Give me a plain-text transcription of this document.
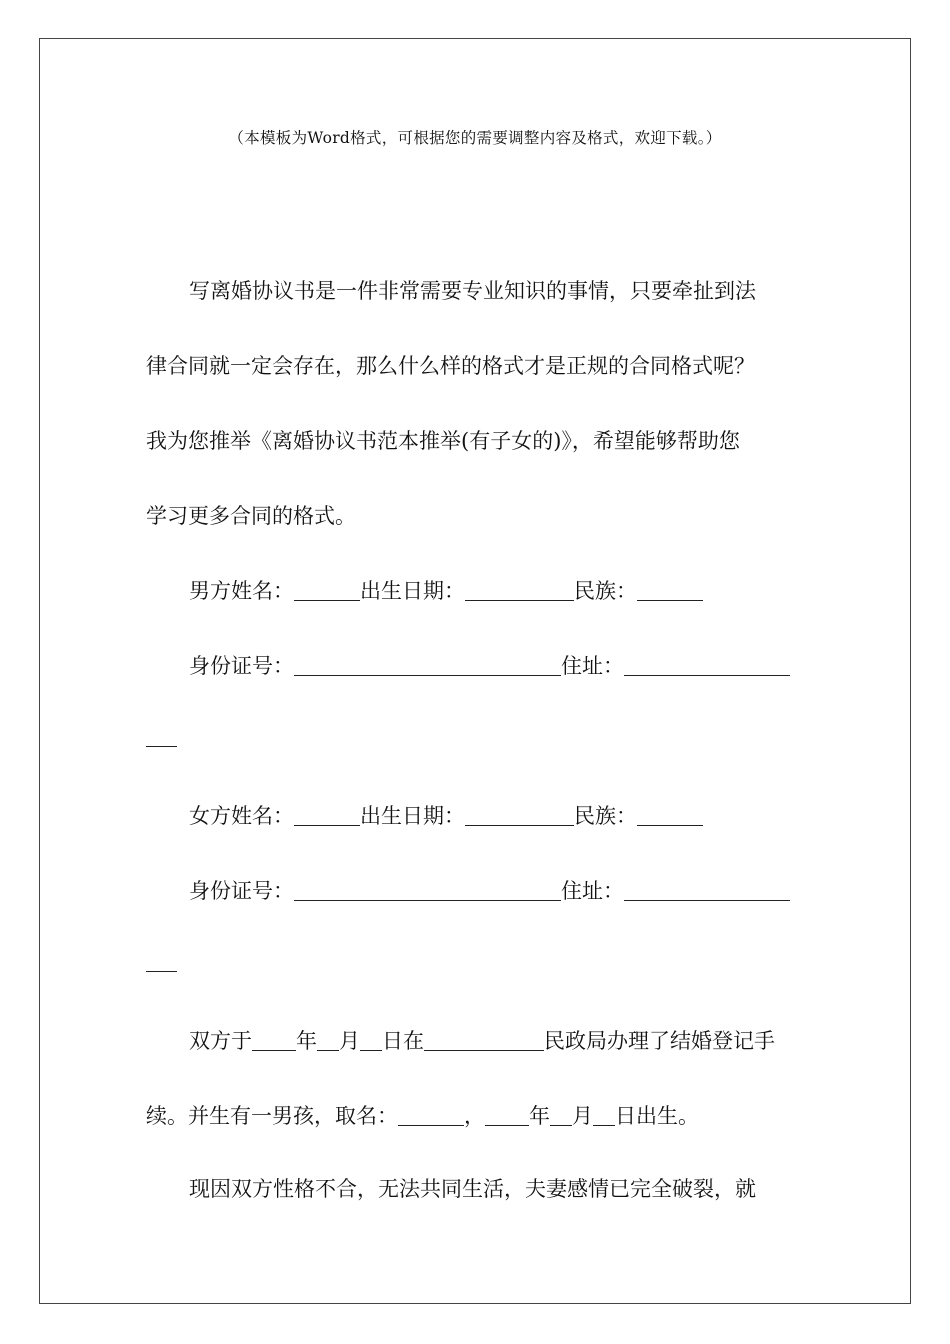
（本模板为Word格式，可根据您的需要调整内容及格式，欢迎下载。）
写离婚协议书是一件非常需要专业知识的事情，只要牵扯到法
律合同就一定会存在，那么什么样的格式才是正规的合同格式呢？
我为您推举《离婚协议书范本推举(有子女的)》，希望能够帮助您
学习更多合同的格式。
男方姓名：	出生日期：	民族：
身份证号：	住址：
女方姓名：	出生日期：	民族：
身份证号：	住址：
双方于 年 月 日在	民政局办理了结婚登记手
续。并生有一男孩，取名：	， 年 月 日出生。
现因双方性格不合，无法共同生活，夫妻感情已完全破裂，就
